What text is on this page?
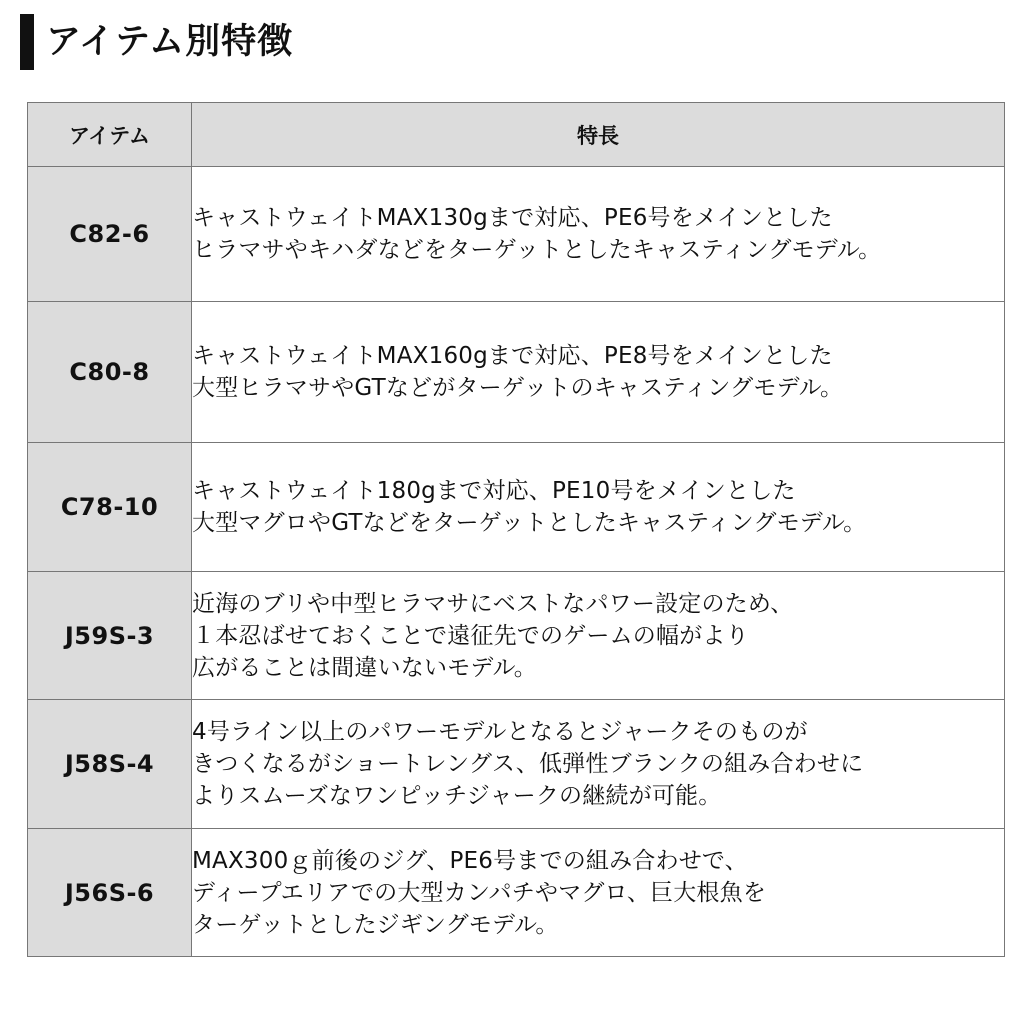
アイテム別特徴
アイテム	特長
C82-6	キャストウェイトMAX130gまで対応、PE6号をメインとした
ヒラマサやキハダなどをターゲットとしたキャスティングモデル。

C80-8	キャストウェイトMAX160gまで対応、PE8号をメインとした
大型ヒラマサやGTなどがターゲットのキャスティングモデル。

C78-10	キャストウェイト180gまで対応、PE10号をメインとした
大型マグロやGTなどをターゲットとしたキャスティングモデル。

J59S-3	近海のブリや中型ヒラマサにベストなパワー設定のため、
１本忍ばせておくことで遠征先でのゲームの幅がより
広がることは間違いないモデル。

J58S-4	4号ライン以上のパワーモデルとなるとジャークそのものが
きつくなるがショートレングス、低弾性ブランクの組み合わせに
よりスムーズなワンピッチジャークの継続が可能。

J56S-6	MAX300ｇ前後のジグ、PE6号までの組み合わせで、
ディープエリアでの大型カンパチやマグロ、巨大根魚を
ターゲットとしたジギングモデル。
